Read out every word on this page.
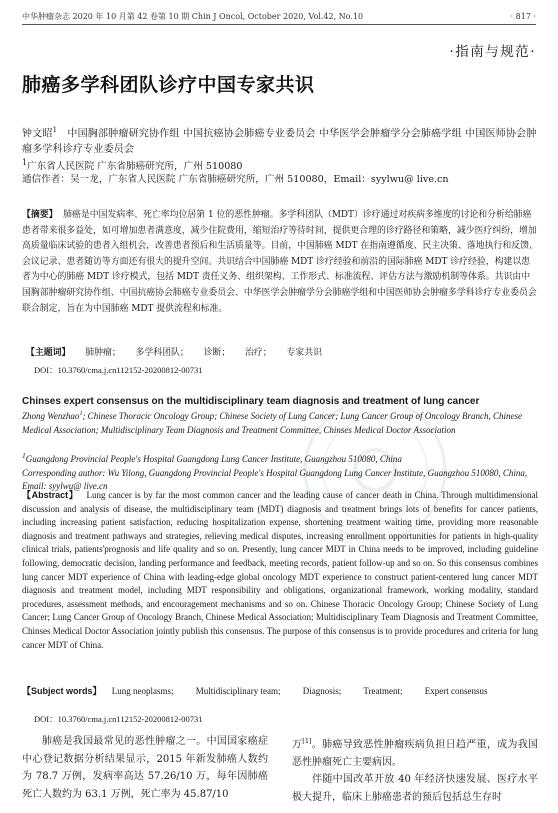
中华肿瘤杂志 2020 年 10 月第 42 卷第 10 期 Chin J Oncol, October 2020, Vol.42, No.10	· 817 ·
·指南与规范·
肺癌多学科团队诊疗中国专家共识
钟文昭$^1$ 中国胸部肿瘤研究协作组 中国抗癌协会肺癌专业委员会 中华医学会肿瘤学分会肺癌学组 中国医师协会肿瘤多学科诊疗专业委员会
$^1$广东省人民医院 广东省肺癌研究所，广州 510080
通信作者：吴一龙，广东省人民医院 广东省肺癌研究所，广州 510080，Email：syylwu@ live.cn
【摘要】 肺癌是中国发病率、死亡率均位居第 1 位的恶性肿瘤。多学科团队（MDT）诊疗通过对疾病多维度的讨论和分析给肺癌患者带来很多益处，如可增加患者满意度，减少住院费用，缩短治疗等待时间，提供更合理的诊疗路径和策略，减少医疗纠纷，增加高质量临床试验的患者入组机会，改善患者预后和生活质量等。目前，中国肺癌 MDT 在指南遵循度、民主决策、落地执行和反馈、会议记录、患者随访等方面还有很大的提升空间。共识结合中国肺癌 MDT 诊疗经验和前沿的国际肺癌 MDT 诊疗经验，构建以患者为中心的肺癌 MDT 诊疗模式，包括 MDT 责任义务、组织架构、工作形式、标准流程、评估方法与激励机制等体系。共识由中国胸部肿瘤研究协作组、中国抗癌协会肺癌专业委员会、中华医学会肿瘤学分会肺癌学组和中国医师协会肿瘤多学科诊疗专业委员会联合制定，旨在为中国肺癌 MDT 提供流程和标准。
【主题词】 肺肿瘤； 多学科团队； 诊断； 治疗； 专家共识
DOI：10.3760/cma.j.cn112152-20200812-00731
Chinses expert consensus on the multidisciplinary team diagnosis and treatment of lung cancer
Zhong Wenzhao$^1$; Chinese Thoracic Oncology Group; Chinese Society of Lung Cancer; Lung Cancer Group of Oncology Branch, Chinese Medical Association; Multidisciplinary Team Diagnosis and Treatment Committee, Chinses Medical Doctor Association
$^1$Guangdong Provincial People's Hospital Guangdong Lung Cancer Institute, Guangzhou 510080, China
Corresponding author: Wu Yilong, Guangdong Provincial People's Hospital Guangdong Lung Cancer Institute, Guangzhou 510080, China, Email: syylwu@ live.cn
【Abstract】 Lung cancer is by far the most common cancer and the leading cause of cancer death in China. Through multidimensional discussion and analysis of disease, the multidisciplinary team (MDT) diagnosis and treatment brings lots of benefits for cancer patients, including increasing patient satisfaction, reducing hospitalization expense, shortening treatment waiting time, providing more reasonable diagnosis and treatment pathways and strategies, relieving medical disputes, increasing enrollment opportunities for patients in high-quality clinical trials, patients'prognosis and life quality and so on. Presently, lung cancer MDT in China needs to be improved, including guideline following, democratic decision, landing performance and feedback, meeting records, patient follow-up and so on. So this consensus combines lung cancer MDT experience of China with leading-edge global oncology MDT experience to construct patient-centered lung cancer MDT diagnosis and treatment model, including MDT responsibility and obligations, organizational framework, working modality, standard procedures, assessment methods, and encouragement mechanisms and so on. Chinese Thoracic Oncology Group; Chinese Society of Lung Cancer; Lung Cancer Group of Oncology Branch, Chinese Medical Association; Multidisciplinary Team Diagnosis and Treatment Committee, Chinses Medical Doctor Association jointly publish this consensus. The purpose of this consensus is to provide procedures and criteria for lung cancer MDT of China.
【Subject words】 Lung neoplasms; Multidisciplinary team; Diagnosis; Treatment; Expert consensus
DOI：10.3760/cma.j.cn112152-20200812-00731
肺癌是我国最常见的恶性肿瘤之一。中国国家癌症中心登记数据分析结果显示，2015 年新发肺癌人数约为 78.7 万例，发病率高达 57.26/10 万，每年因肺癌死亡人数约为 63.1 万例，死亡率为 45.87/10
万[1]。肺癌导致恶性肿瘤疾病负担日趋严重，成为我国恶性肿瘤死亡主要病因。
伴随中国改革开放 40 年经济快速发展、医疗水平极大提升，临床上肺癌患者的预后包括总生存时
